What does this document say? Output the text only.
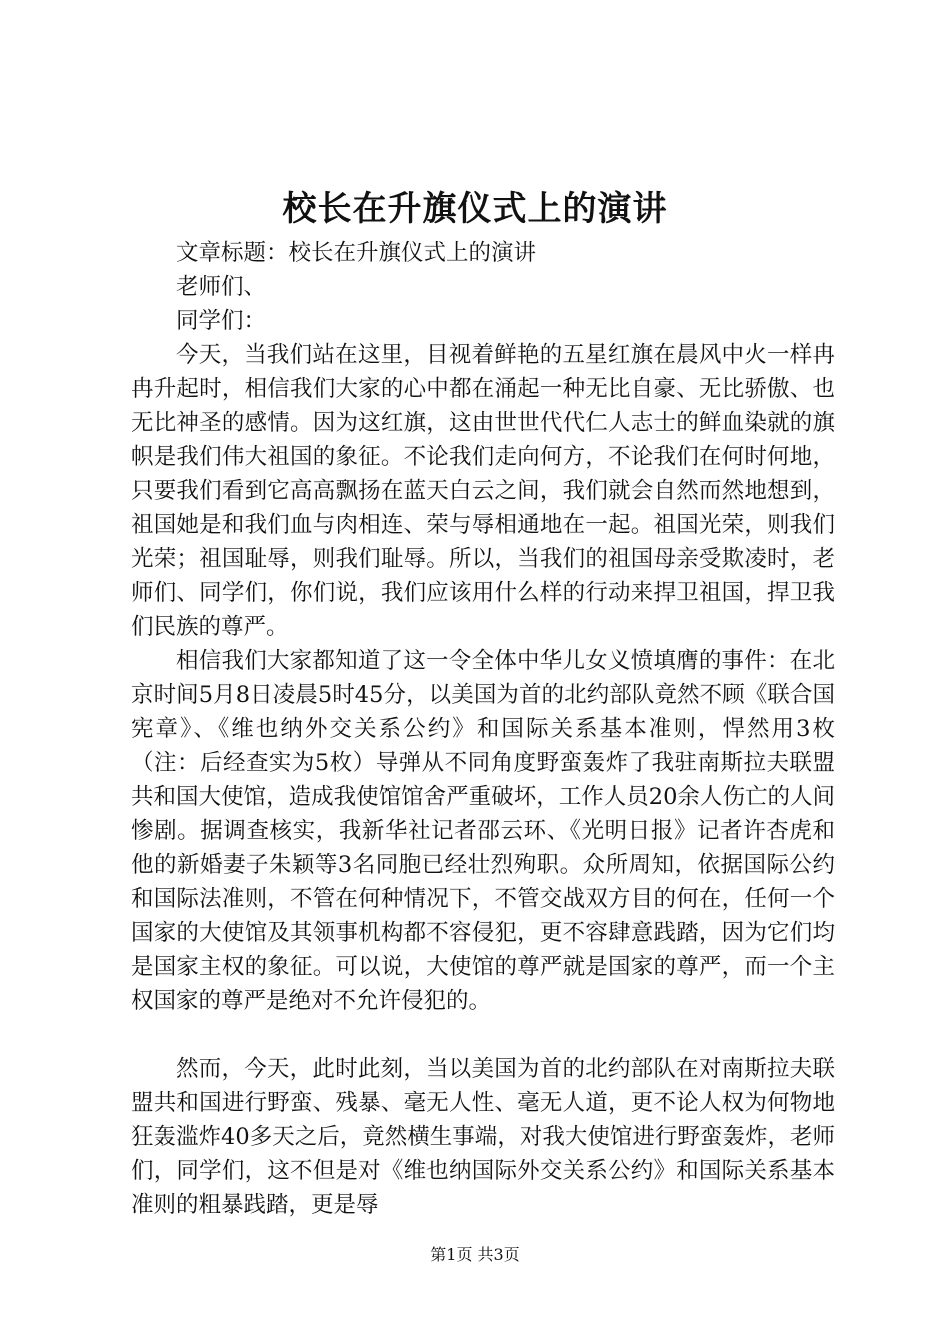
校长在升旗仪式上的演讲

文章标题：校长在升旗仪式上的演讲

老师们、

同学们：

今天，当我们站在这里，目视着鲜艳的五星红旗在晨风中火一样冉冉升起时，相信我们大家的心中都在涌起一种无比自豪、无比骄傲、也无比神圣的感情。因为这红旗，这由世世代代仁人志士的鲜血染就的旗帜是我们伟大祖国的象征。不论我们走向何方，不论我们在何时何地，只要我们看到它高高飘扬在蓝天白云之间，我们就会自然而然地想到，祖国她是和我们血与肉相连、荣与辱相通地在一起。祖国光荣，则我们光荣；祖国耻辱，则我们耻辱。所以，当我们的祖国母亲受欺凌时，老师们、同学们，你们说，我们应该用什么样的行动来捍卫祖国，捍卫我们民族的尊严。

相信我们大家都知道了这一令全体中华儿女义愤填膺的事件：在北京时间5月8日凌晨5时45分，以美国为首的北约部队竟然不顾《联合国宪章》、《维也纳外交关系公约》和国际关系基本准则，悍然用3枚（注：后经查实为5枚）导弹从不同角度野蛮轰炸了我驻南斯拉夫联盟共和国大使馆，造成我使馆馆舍严重破坏，工作人员20余人伤亡的人间惨剧。据调查核实，我新华社记者邵云环、《光明日报》记者许杏虎和他的新婚妻子朱颖等3名同胞已经壮烈殉职。众所周知，依据国际公约和国际法准则，不管在何种情况下，不管交战双方目的何在，任何一个国家的大使馆及其领事机构都不容侵犯，更不容肆意践踏，因为它们均是国家主权的象征。可以说，大使馆的尊严就是国家的尊严，而一个主权国家的尊严是绝对不允许侵犯的。

然而，今天，此时此刻，当以美国为首的北约部队在对南斯拉夫联盟共和国进行野蛮、残暴、毫无人性、毫无人道，更不论人权为何物地狂轰滥炸40多天之后，竟然横生事端，对我大使馆进行野蛮轰炸，老师们，同学们，这不但是对《维也纳国际外交关系公约》和国际关系基本准则的粗暴践踏，更是辱

第1页 共3页
